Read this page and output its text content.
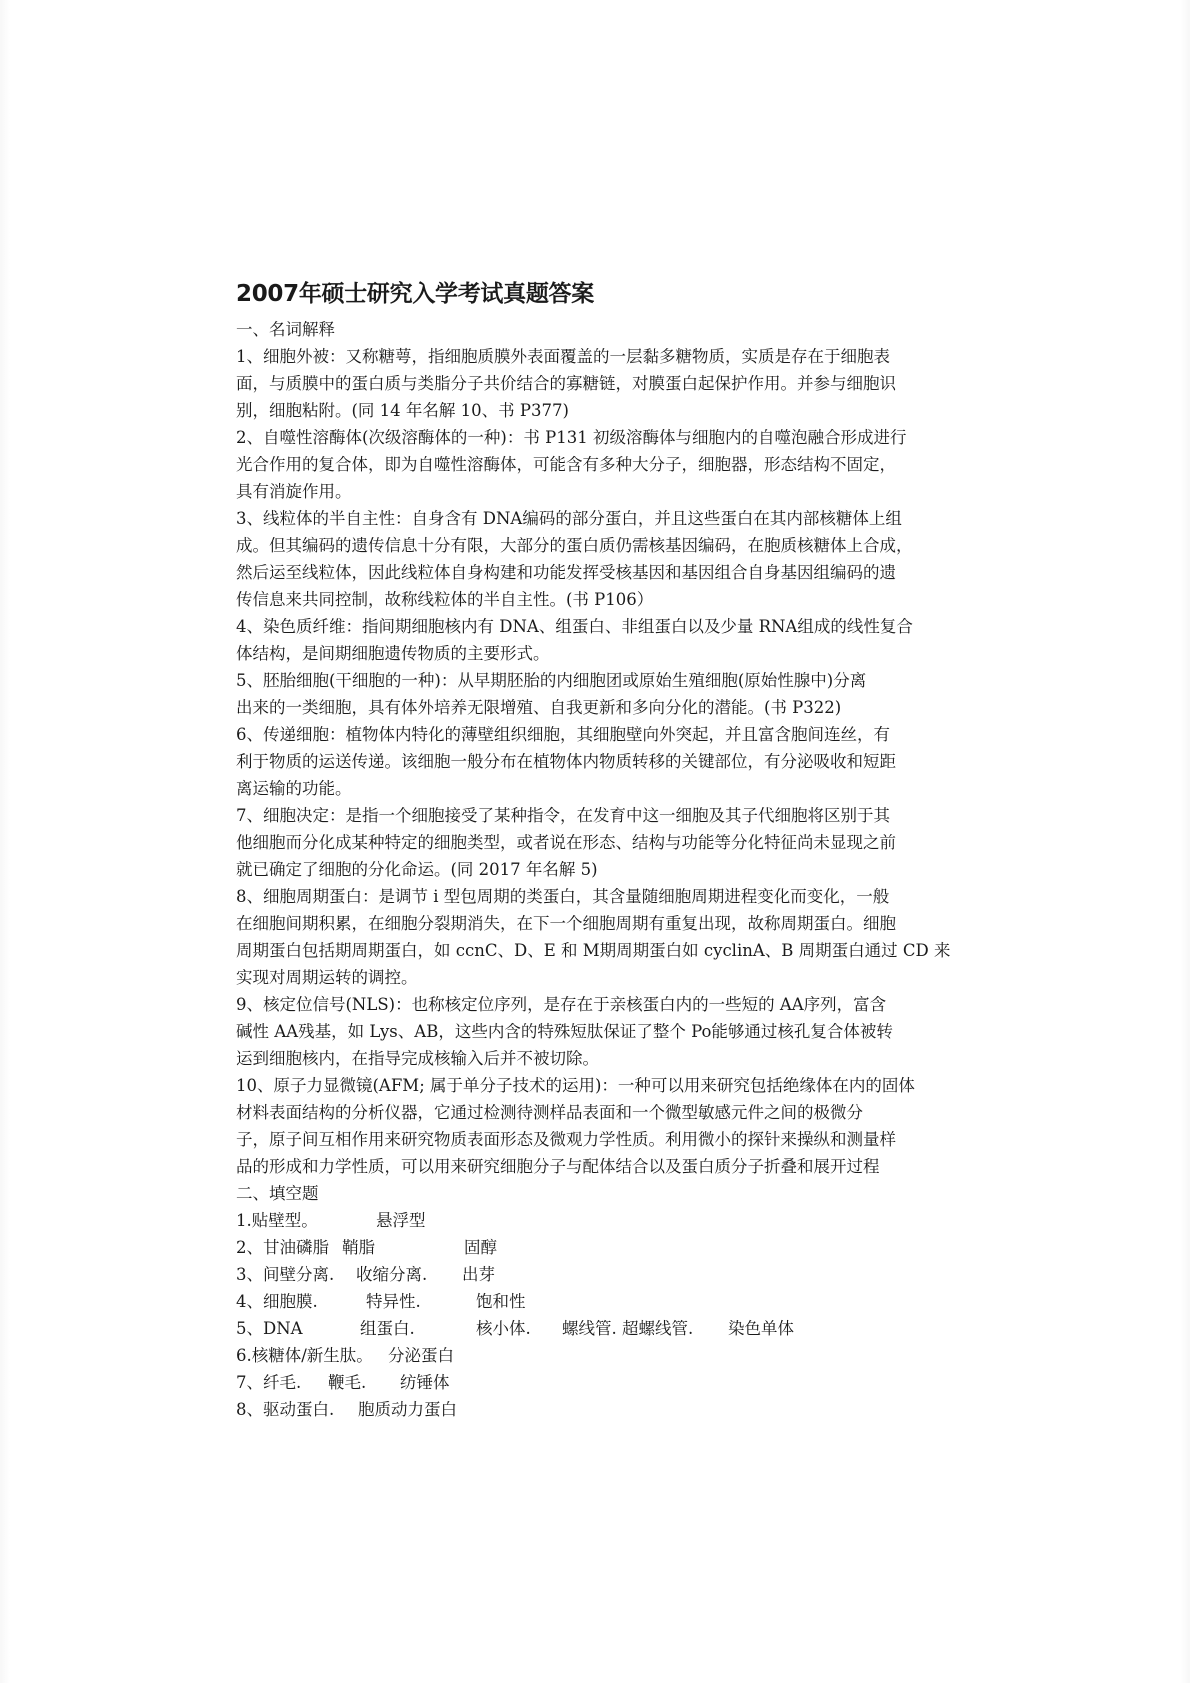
2007年硕士研究入学考试真题答案

一、名词解释

1、细胞外被：又称糖萼，指细胞质膜外表面覆盖的一层黏多糖物质，实质是存在于细胞表

面，与质膜中的蛋白质与类脂分子共价结合的寡糖链，对膜蛋白起保护作用。并参与细胞识

别，细胞粘附。(同 14 年名解 10、书 P377)

2、自噬性溶酶体(次级溶酶体的一种)：书 P131 初级溶酶体与细胞内的自噬泡融合形成进行

光合作用的复合体，即为自噬性溶酶体，可能含有多种大分子，细胞器，形态结构不固定，

具有消旋作用。

3、线粒体的半自主性：自身含有 DNA编码的部分蛋白，并且这些蛋白在其内部核糖体上组

成。但其编码的遗传信息十分有限，大部分的蛋白质仍需核基因编码，在胞质核糖体上合成，

然后运至线粒体，因此线粒体自身构建和功能发挥受核基因和基因组合自身基因组编码的遗

传信息来共同控制，故称线粒体的半自主性。(书 P106）

4、染色质纤维：指间期细胞核内有 DNA、组蛋白、非组蛋白以及少量 RNA组成的线性复合

体结构，是间期细胞遗传物质的主要形式。

5、胚胎细胞(干细胞的一种)：从早期胚胎的内细胞团或原始生殖细胞(原始性腺中)分离

出来的一类细胞，具有体外培养无限增殖、自我更新和多向分化的潜能。(书 P322)

6、传递细胞：植物体内特化的薄壁组织细胞，其细胞壁向外突起，并且富含胞间连丝，有

利于物质的运送传递。该细胞一般分布在植物体内物质转移的关键部位，有分泌吸收和短距

离运输的功能。

7、细胞决定：是指一个细胞接受了某种指令，在发育中这一细胞及其子代细胞将区别于其

他细胞而分化成某种特定的细胞类型，或者说在形态、结构与功能等分化特征尚未显现之前

就已确定了细胞的分化命运。(同 2017 年名解 5)

8、细胞周期蛋白：是调节 i 型包周期的类蛋白，其含量随细胞周期进程变化而变化，一般

在细胞间期积累，在细胞分裂期消失，在下一个细胞周期有重复出现，故称周期蛋白。细胞

周期蛋白包括期周期蛋白，如 ccnC、D、E 和 M期周期蛋白如 cyclinA、B 周期蛋白通过 CD 来

实现对周期运转的调控。

9、核定位信号(NLS)：也称核定位序列，是存在于亲核蛋白内的一些短的 AA序列，富含

碱性 AA残基，如 Lys、AB，这些内含的特殊短肽保证了整个 Po能够通过核孔复合体被转

运到细胞核内，在指导完成核输入后并不被切除。

10、原子力显微镜(AFM; 属于单分子技术的运用)：一种可以用来研究包括绝缘体在内的固体

材料表面结构的分析仪器，它通过检测待测样品表面和一个微型敏感元件之间的极微分

子，原子间互相作用来研究物质表面形态及微观力学性质。利用微小的探针来操纵和测量样

品的形成和力学性质，可以用来研究细胞分子与配体结合以及蛋白质分子折叠和展开过程

二、填空题

1.贴壁型。	悬浮型
2、甘油磷脂 鞘脂	固醇
3、间壁分离.	收缩分离.	出芽
4、细胞膜.	特异性.	饱和性
5、DNA	组蛋白.	核小体.	螺线管. 超螺线管.	染色单体
6.核糖体/新生肽。 分泌蛋白
7、纤毛.	鞭毛.	纺锤体
8、驱动蛋白.	胞质动力蛋白
